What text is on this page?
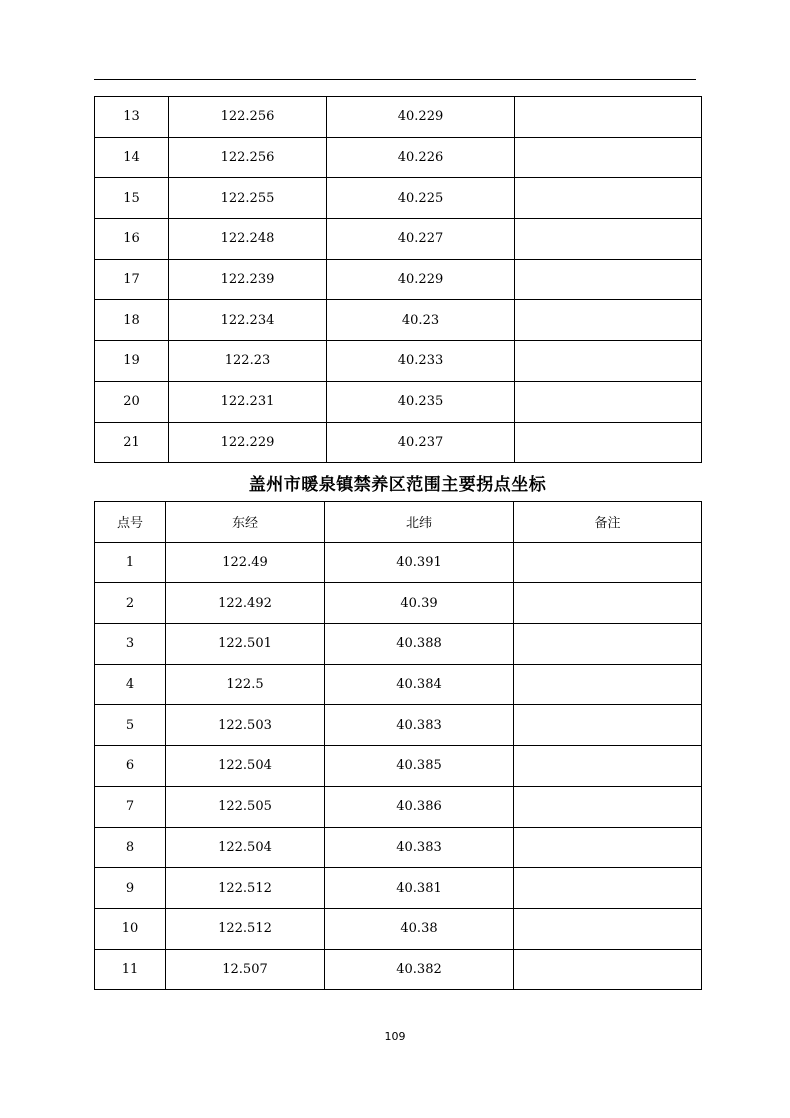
13	122.256	40.229	
14	122.256	40.226	
15	122.255	40.225	
16	122.248	40.227	
17	122.239	40.229	
18	122.234	40.23	
19	122.23	40.233	
20	122.231	40.235	
21	122.229	40.237	
盖州市暖泉镇禁养区范围主要拐点坐标
点号	东经	北纬	备注
1	122.49	40.391	
2	122.492	40.39	
3	122.501	40.388	
4	122.5	40.384	
5	122.503	40.383	
6	122.504	40.385	
7	122.505	40.386	
8	122.504	40.383	
9	122.512	40.381	
10	122.512	40.38	
11	12.507	40.382	
109
